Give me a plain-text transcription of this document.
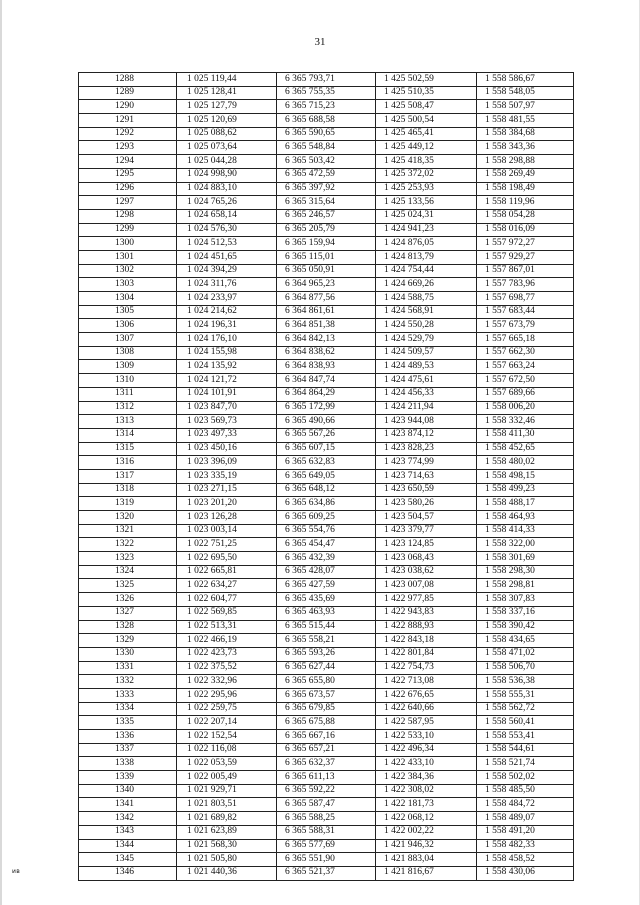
31
1288	1 025 119,44	6 365 793,71	1 425 502,59	1 558 586,67
1289	1 025 128,41	6 365 755,35	1 425 510,35	1 558 548,05
1290	1 025 127,79	6 365 715,23	1 425 508,47	1 558 507,97
1291	1 025 120,69	6 365 688,58	1 425 500,54	1 558 481,55
1292	1 025 088,62	6 365 590,65	1 425 465,41	1 558 384,68
1293	1 025 073,64	6 365 548,84	1 425 449,12	1 558 343,36
1294	1 025 044,28	6 365 503,42	1 425 418,35	1 558 298,88
1295	1 024 998,90	6 365 472,59	1 425 372,02	1 558 269,49
1296	1 024 883,10	6 365 397,92	1 425 253,93	1 558 198,49
1297	1 024 765,26	6 365 315,64	1 425 133,56	1 558 119,96
1298	1 024 658,14	6 365 246,57	1 425 024,31	1 558 054,28
1299	1 024 576,30	6 365 205,79	1 424 941,23	1 558 016,09
1300	1 024 512,53	6 365 159,94	1 424 876,05	1 557 972,27
1301	1 024 451,65	6 365 115,01	1 424 813,79	1 557 929,27
1302	1 024 394,29	6 365 050,91	1 424 754,44	1 557 867,01
1303	1 024 311,76	6 364 965,23	1 424 669,26	1 557 783,96
1304	1 024 233,97	6 364 877,56	1 424 588,75	1 557 698,77
1305	1 024 214,62	6 364 861,61	1 424 568,91	1 557 683,44
1306	1 024 196,31	6 364 851,38	1 424 550,28	1 557 673,79
1307	1 024 176,10	6 364 842,13	1 424 529,79	1 557 665,18
1308	1 024 155,98	6 364 838,62	1 424 509,57	1 557 662,30
1309	1 024 135,92	6 364 838,93	1 424 489,53	1 557 663,24
1310	1 024 121,72	6 364 847,74	1 424 475,61	1 557 672,50
1311	1 024 101,91	6 364 864,29	1 424 456,33	1 557 689,66
1312	1 023 847,70	6 365 172,99	1 424 211,94	1 558 006,20
1313	1 023 569,73	6 365 490,66	1 423 944,08	1 558 332,46
1314	1 023 497,33	6 365 567,26	1 423 874,12	1 558 411,30
1315	1 023 450,16	6 365 607,15	1 423 828,23	1 558 452,65
1316	1 023 396,09	6 365 632,83	1 423 774,99	1 558 480,02
1317	1 023 335,19	6 365 649,05	1 423 714,63	1 558 498,15
1318	1 023 271,15	6 365 648,12	1 423 650,59	1 558 499,23
1319	1 023 201,20	6 365 634,86	1 423 580,26	1 558 488,17
1320	1 023 126,28	6 365 609,25	1 423 504,57	1 558 464,93
1321	1 023 003,14	6 365 554,76	1 423 379,77	1 558 414,33
1322	1 022 751,25	6 365 454,47	1 423 124,85	1 558 322,00
1323	1 022 695,50	6 365 432,39	1 423 068,43	1 558 301,69
1324	1 022 665,81	6 365 428,07	1 423 038,62	1 558 298,30
1325	1 022 634,27	6 365 427,59	1 423 007,08	1 558 298,81
1326	1 022 604,77	6 365 435,69	1 422 977,85	1 558 307,83
1327	1 022 569,85	6 365 463,93	1 422 943,83	1 558 337,16
1328	1 022 513,31	6 365 515,44	1 422 888,93	1 558 390,42
1329	1 022 466,19	6 365 558,21	1 422 843,18	1 558 434,65
1330	1 022 423,73	6 365 593,26	1 422 801,84	1 558 471,02
1331	1 022 375,52	6 365 627,44	1 422 754,73	1 558 506,70
1332	1 022 332,96	6 365 655,80	1 422 713,08	1 558 536,38
1333	1 022 295,96	6 365 673,57	1 422 676,65	1 558 555,31
1334	1 022 259,75	6 365 679,85	1 422 640,66	1 558 562,72
1335	1 022 207,14	6 365 675,88	1 422 587,95	1 558 560,41
1336	1 022 152,54	6 365 667,16	1 422 533,10	1 558 553,41
1337	1 022 116,08	6 365 657,21	1 422 496,34	1 558 544,61
1338	1 022 053,59	6 365 632,37	1 422 433,10	1 558 521,74
1339	1 022 005,49	6 365 611,13	1 422 384,36	1 558 502,02
1340	1 021 929,71	6 365 592,22	1 422 308,02	1 558 485,50
1341	1 021 803,51	6 365 587,47	1 422 181,73	1 558 484,72
1342	1 021 689,82	6 365 588,25	1 422 068,12	1 558 489,07
1343	1 021 623,89	6 365 588,31	1 422 002,22	1 558 491,20
1344	1 021 568,30	6 365 577,69	1 421 946,32	1 558 482,33
1345	1 021 505,80	6 365 551,90	1 421 883,04	1 558 458,52
1346	1 021 440,36	6 365 521,37	1 421 816,67	1 558 430,06
ив
